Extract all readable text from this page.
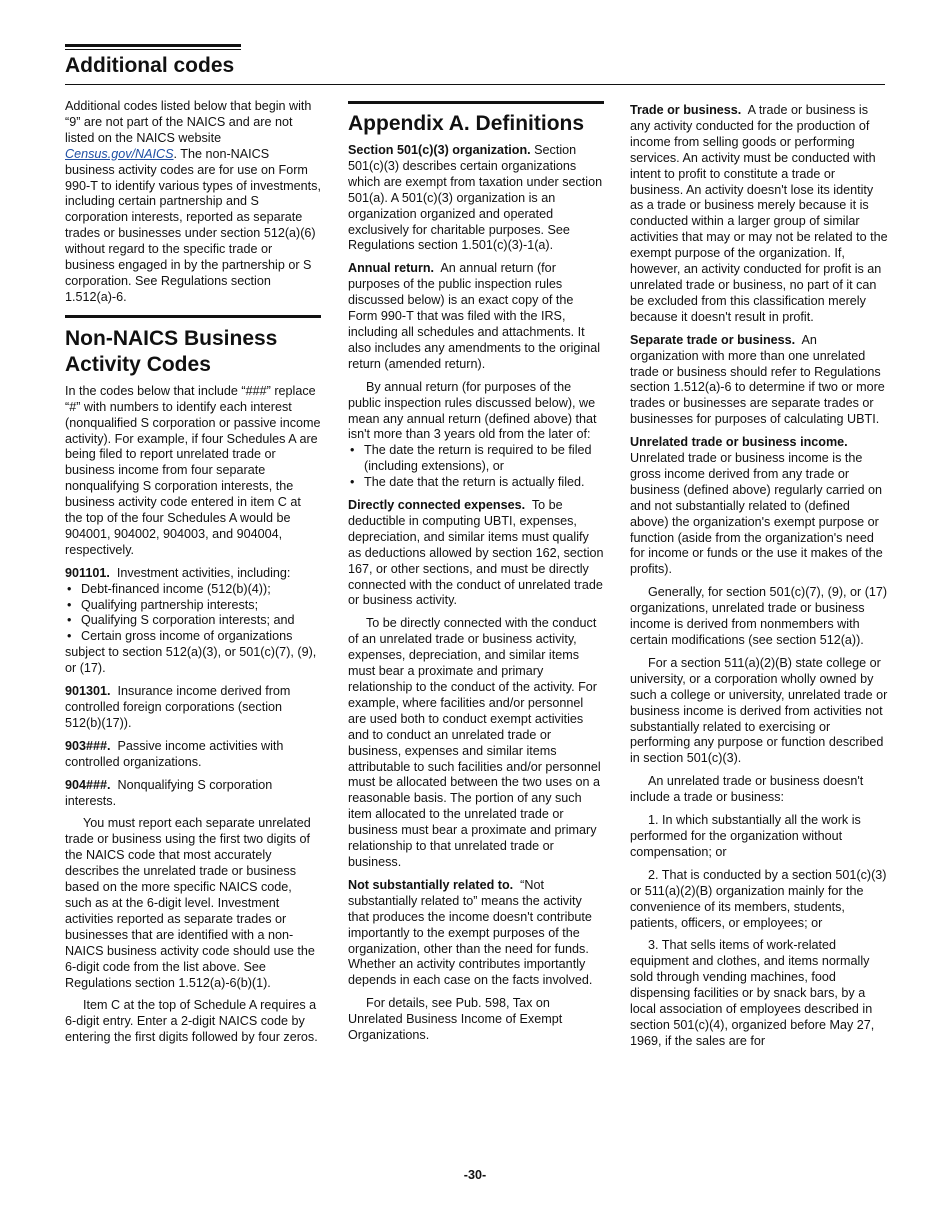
Additional codes

Additional codes listed below that begin with “9” are not part of the NAICS and are not listed on the NAICS website Census.gov/NAICS. The non-NAICS business activity codes are for use on Form 990-T to identify various types of investments, including certain partnership and S corporation interests, reported as separate trades or businesses under section 512(a)(6) without regard to the specific trade or business engaged in by the partnership or S corporation. See Regulations section 1.512(a)-6.

Non-NAICS Business Activity Codes

In the codes below that include “###” replace “#” with numbers to identify each interest (nonqualified S corporation or passive income activity). For example, if four Schedules A are being filed to report unrelated trade or business income from four separate nonqualifying S corporation interests, the business activity code entered in item C at the top of the four Schedules A would be 904001, 904002, 904003, and 904004, respectively.

901101. Investment activities, including:

• Debt-financed income (512(b)(4));
• Qualifying partnership interests;
• Qualifying S corporation interests; and
• Certain gross income of organizations

subject to section 512(a)(3), or 501(c)(7), (9), or (17).

901301. Insurance income derived from controlled foreign corporations (section 512(b)(17)).

903###. Passive income activities with controlled organizations.

904###. Nonqualifying S corporation interests.

You must report each separate unrelated trade or business using the first two digits of the NAICS code that most accurately describes the unrelated trade or business based on the more specific NAICS code, such as at the 6-digit level. Investment activities reported as separate trades or businesses that are identified with a non-NAICS business activity code should use the 6-digit code from the list above. See Regulations section 1.512(a)-6(b)(1).

Item C at the top of Schedule A requires a 6-digit entry. Enter a 2-digit NAICS code by entering the first digits followed by four zeros.

Appendix A. Definitions

Section 501(c)(3) organization. Section 501(c)(3) describes certain organizations which are exempt from taxation under section 501(a). A 501(c)(3) organization is an organization organized and operated exclusively for charitable purposes. See Regulations section 1.501(c)(3)-1(a).

Annual return. An annual return (for purposes of the public inspection rules discussed below) is an exact copy of the Form 990-T that was filed with the IRS, including all schedules and attachments. It also includes any amendments to the original return (amended return).

By annual return (for purposes of the public inspection rules discussed below), we mean any annual return (defined above) that isn't more than 3 years old from the later of:

• The date the return is required to be filed (including extensions), or
• The date that the return is actually filed.

Directly connected expenses. To be deductible in computing UBTI, expenses, depreciation, and similar items must qualify as deductions allowed by section 162, section 167, or other sections, and must be directly connected with the conduct of unrelated trade or business activity.

To be directly connected with the conduct of an unrelated trade or business activity, expenses, depreciation, and similar items must bear a proximate and primary relationship to the conduct of the activity. For example, where facilities and/or personnel are used both to conduct exempt activities and to conduct an unrelated trade or business, expenses and similar items attributable to such facilities and/or personnel must be allocated between the two uses on a reasonable basis. The portion of any such item allocated to the unrelated trade or business must bear a proximate and primary relationship to that unrelated trade or business.

Not substantially related to. “Not substantially related to” means the activity that produces the income doesn't contribute importantly to the exempt purposes of the organization, other than the need for funds. Whether an activity contributes importantly depends in each case on the facts involved.

For details, see Pub. 598, Tax on Unrelated Business Income of Exempt Organizations.

Trade or business. A trade or business is any activity conducted for the production of income from selling goods or performing services. An activity must be conducted with intent to profit to constitute a trade or business. An activity doesn't lose its identity as a trade or business merely because it is conducted within a larger group of similar activities that may or may not be related to the exempt purpose of the organization. If, however, an activity conducted for profit is an unrelated trade or business, no part of it can be excluded from this classification merely because it doesn't result in profit.

Separate trade or business. An organization with more than one unrelated trade or business should refer to Regulations section 1.512(a)-6 to determine if two or more trades or businesses are separate trades or businesses for purposes of calculating UBTI.

Unrelated trade or business income. Unrelated trade or business income is the gross income derived from any trade or business (defined above) regularly carried on and not substantially related to (defined above) the organization's exempt purpose or function (aside from the organization's need for income or funds or the use it makes of the profits).

Generally, for section 501(c)(7), (9), or (17) organizations, unrelated trade or business income is derived from nonmembers with certain modifications (see section 512(a)).

For a section 511(a)(2)(B) state college or university, or a corporation wholly owned by such a college or university, unrelated trade or business income is derived from activities not substantially related to exercising or performing any purpose or function described in section 501(c)(3).

An unrelated trade or business doesn't include a trade or business:

1. In which substantially all the work is performed for the organization without compensation; or

2. That is conducted by a section 501(c)(3) or 511(a)(2)(B) organization mainly for the convenience of its members, students, patients, officers, or employees; or

3. That sells items of work-related equipment and clothes, and items normally sold through vending machines, food dispensing facilities or by snack bars, by a local association of employees described in section 501(c)(4), organized before May 27, 1969, if the sales are for

-30-
